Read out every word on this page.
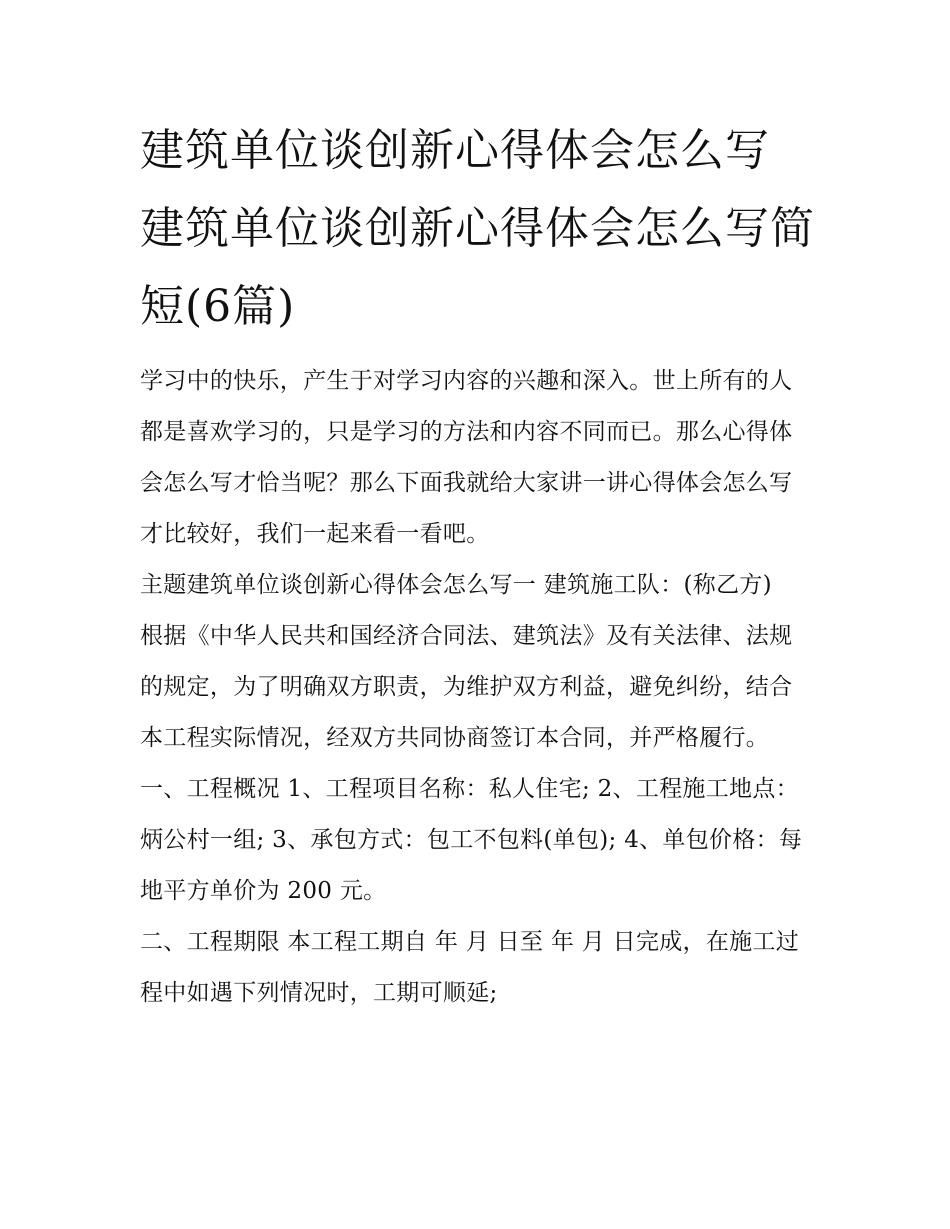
建筑单位谈创新心得体会怎么写 建筑单位谈创新心得体会怎么写简短(6篇)

学习中的快乐，产生于对学习内容的兴趣和深入。世上所有的人都是喜欢学习的，只是学习的方法和内容不同而已。那么心得体会怎么写才恰当呢？那么下面我就给大家讲一讲心得体会怎么写才比较好，我们一起来看一看吧。

主题建筑单位谈创新心得体会怎么写一 建筑施工队：(称乙方)

根据《中华人民共和国经济合同法、建筑法》及有关法律、法规的规定，为了明确双方职责，为维护双方利益，避免纠纷，结合本工程实际情况，经双方共同协商签订本合同，并严格履行。

一、工程概况 1、工程项目名称：私人住宅; 2、工程施工地点：炳公村一组; 3、承包方式：包工不包料(单包); 4、单包价格：每地平方单价为 200 元。

二、工程期限 本工程工期自 年 月 日至 年 月 日完成，在施工过程中如遇下列情况时，工期可顺延;
